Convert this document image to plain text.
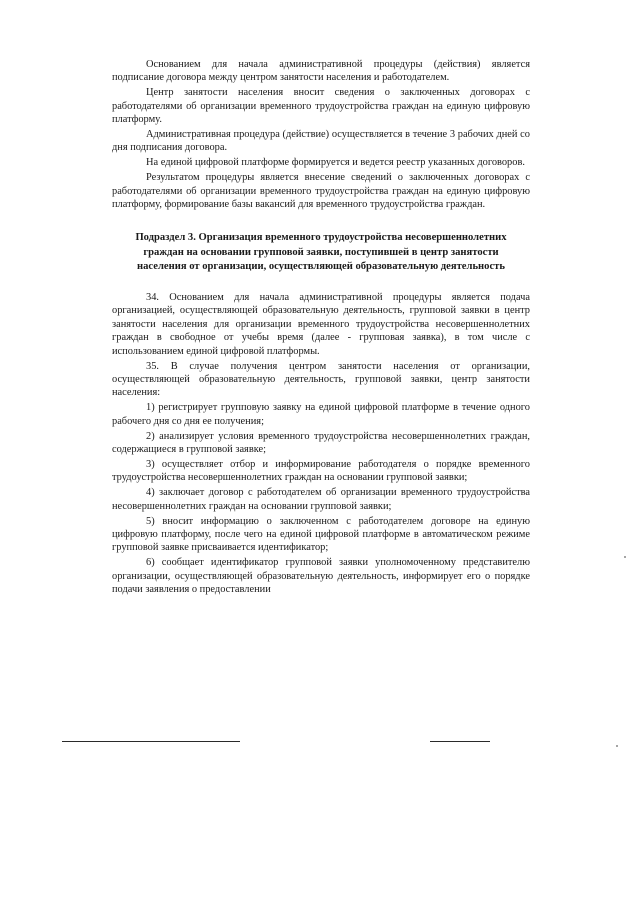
Основанием для начала административной процедуры (действия) является подписание договора между центром занятости населения и работодателем.

Центр занятости населения вносит сведения о заключенных договорах с работодателями об организации временного трудоустройства граждан на единую цифровую платформу.

Административная процедура (действие) осуществляется в течение 3 рабочих дней со дня подписания договора.

На единой цифровой платформе формируется и ведется реестр указанных договоров.

Результатом процедуры является внесение сведений о заключенных договорах с работодателями об организации временного трудоустройства граждан на единую цифровую платформу, формирование базы вакансий для временного трудоустройства граждан.

Подраздел 3. Организация временного трудоустройства несовершеннолетних граждан на основании групповой заявки, поступившей в центр занятости населения от организации, осуществляющей образовательную деятельность

34. Основанием для начала административной процедуры является подача организацией, осуществляющей образовательную деятельность, групповой заявки в центр занятости населения для организации временного трудоустройства несовершеннолетних граждан в свободное от учебы время (далее - групповая заявка), в том числе с использованием единой цифровой платформы.

35. В случае получения центром занятости населения от организации, осуществляющей образовательную деятельность, групповой заявки, центр занятости населения:

1) регистрирует групповую заявку на единой цифровой платформе в течение одного рабочего дня со дня ее получения;

2) анализирует условия временного трудоустройства несовершеннолетних граждан, содержащиеся в групповой заявке;

3) осуществляет отбор и информирование работодателя о порядке временного трудоустройства несовершеннолетних граждан на основании групповой заявки;

4) заключает договор с работодателем об организации временного трудоустройства несовершеннолетних граждан на основании групповой заявки;

5) вносит информацию о заключенном с работодателем договоре на единую цифровую платформу, после чего на единой цифровой платформе в автоматическом режиме групповой заявке присваивается идентификатор;

6) сообщает идентификатор групповой заявки уполномоченному представителю организации, осуществляющей образовательную деятельность, информирует его о порядке подачи заявления о предоставлении
